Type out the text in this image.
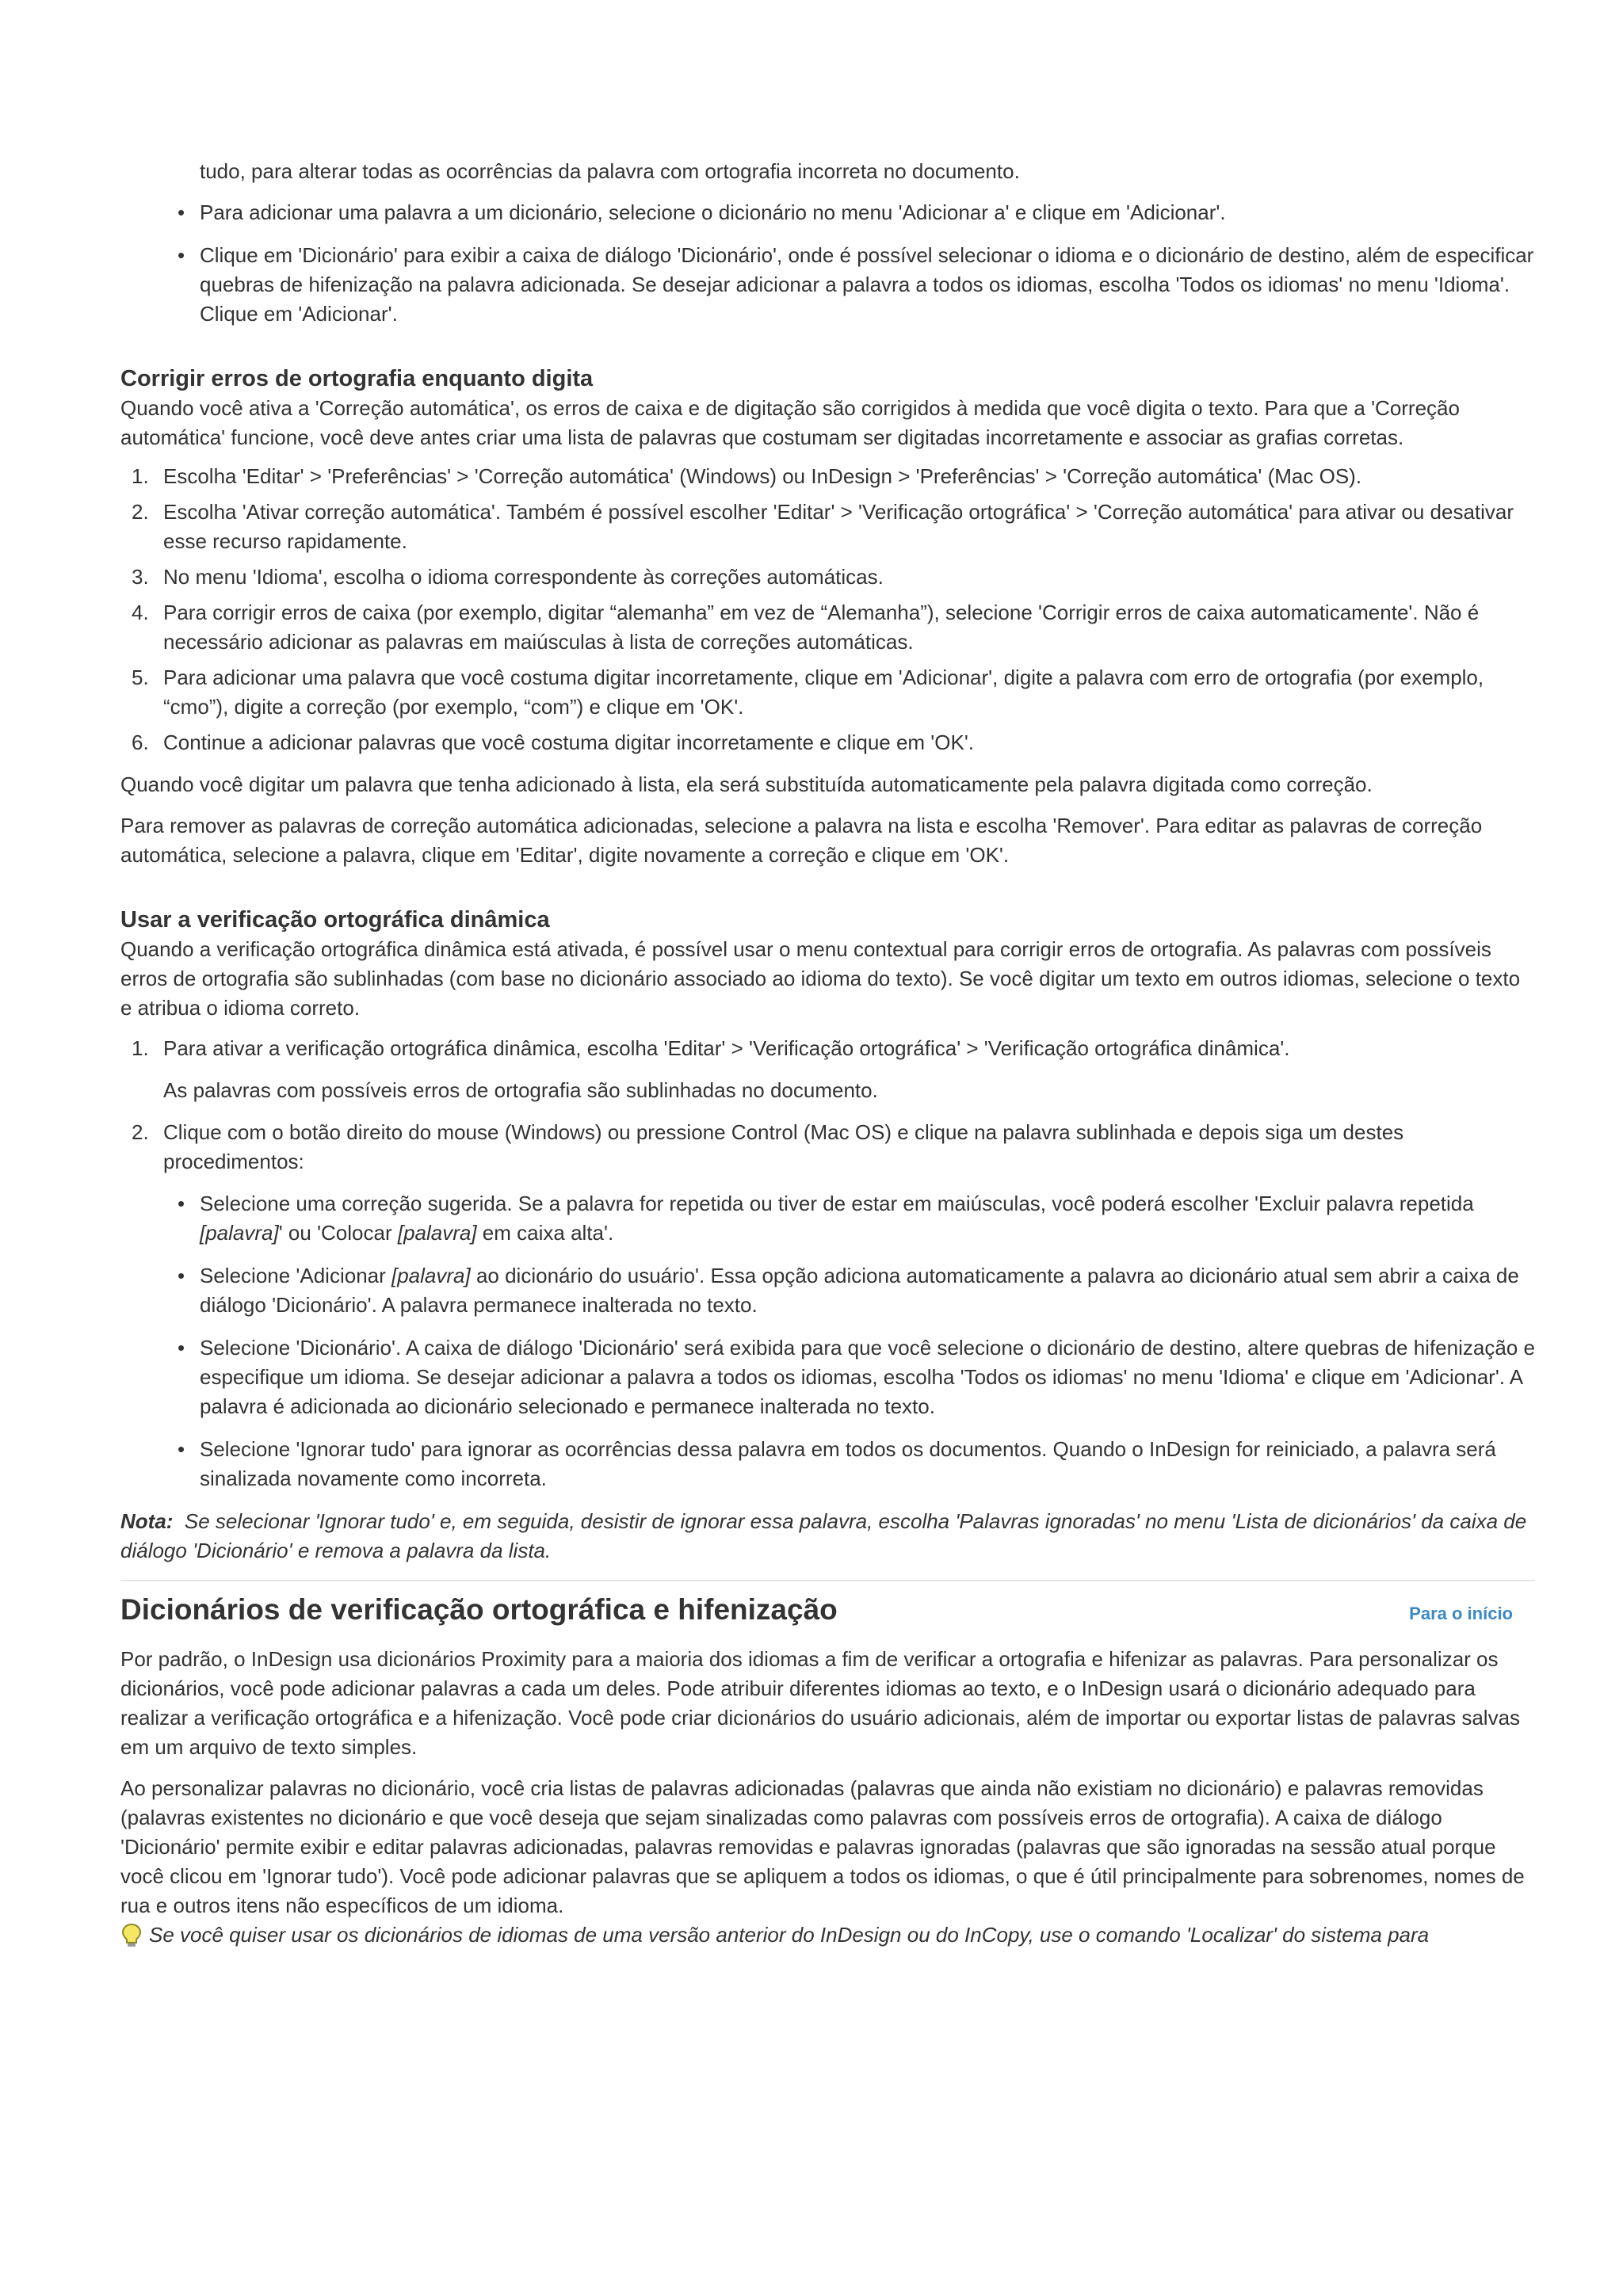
tudo, para alterar todas as ocorrências da palavra com ortografia incorreta no documento.

• Para adicionar uma palavra a um dicionário, selecione o dicionário no menu 'Adicionar a' e clique em 'Adicionar'.
• Clique em 'Dicionário' para exibir a caixa de diálogo 'Dicionário', onde é possível selecionar o idioma e o dicionário de destino, além de especificar quebras de hifenização na palavra adicionada. Se desejar adicionar a palavra a todos os idiomas, escolha 'Todos os idiomas' no menu 'Idioma'. Clique em 'Adicionar'.
Corrigir erros de ortografia enquanto digita

Quando você ativa a 'Correção automática', os erros de caixa e de digitação são corrigidos à medida que você digita o texto. Para que a 'Correção automática' funcione, você deve antes criar uma lista de palavras que costumam ser digitadas incorretamente e associar as grafias corretas.

1. Escolha 'Editar' > 'Preferências' > 'Correção automática' (Windows) ou InDesign > 'Preferências' > 'Correção automática' (Mac OS).
2. Escolha 'Ativar correção automática'. Também é possível escolher 'Editar' > 'Verificação ortográfica' > 'Correção automática' para ativar ou desativar esse recurso rapidamente.
3. No menu 'Idioma', escolha o idioma correspondente às correções automáticas.
4. Para corrigir erros de caixa (por exemplo, digitar “alemanha” em vez de “Alemanha”), selecione 'Corrigir erros de caixa automaticamente'. Não é necessário adicionar as palavras em maiúsculas à lista de correções automáticas.
5. Para adicionar uma palavra que você costuma digitar incorretamente, clique em 'Adicionar', digite a palavra com erro de ortografia (por exemplo, “cmo”), digite a correção (por exemplo, “com”) e clique em 'OK'.
6. Continue a adicionar palavras que você costuma digitar incorretamente e clique em 'OK'.

Quando você digitar um palavra que tenha adicionado à lista, ela será substituída automaticamente pela palavra digitada como correção.

Para remover as palavras de correção automática adicionadas, selecione a palavra na lista e escolha 'Remover'. Para editar as palavras de correção automática, selecione a palavra, clique em 'Editar', digite novamente a correção e clique em 'OK'.

Usar a verificação ortográfica dinâmica

Quando a verificação ortográfica dinâmica está ativada, é possível usar o menu contextual para corrigir erros de ortografia. As palavras com possíveis erros de ortografia são sublinhadas (com base no dicionário associado ao idioma do texto). Se você digitar um texto em outros idiomas, selecione o texto e atribua o idioma correto.

1. Para ativar a verificação ortográfica dinâmica, escolha 'Editar' > 'Verificação ortográfica' > 'Verificação ortográfica dinâmica'.

As palavras com possíveis erros de ortografia são sublinhadas no documento.

2. Clique com o botão direito do mouse (Windows) ou pressione Control (Mac OS) e clique na palavra sublinhada e depois siga um destes procedimentos:
• Selecione uma correção sugerida. Se a palavra for repetida ou tiver de estar em maiúsculas, você poderá escolher 'Excluir palavra repetida [palavra]' ou 'Colocar [palavra] em caixa alta'.
• Selecione 'Adicionar [palavra] ao dicionário do usuário'. Essa opção adiciona automaticamente a palavra ao dicionário atual sem abrir a caixa de diálogo 'Dicionário'. A palavra permanece inalterada no texto.
• Selecione 'Dicionário'. A caixa de diálogo 'Dicionário' será exibida para que você selecione o dicionário de destino, altere quebras de hifenização e especifique um idioma. Se desejar adicionar a palavra a todos os idiomas, escolha 'Todos os idiomas' no menu 'Idioma' e clique em 'Adicionar'. A palavra é adicionada ao dicionário selecionado e permanece inalterada no texto.
• Selecione 'Ignorar tudo' para ignorar as ocorrências dessa palavra em todos os documentos. Quando o InDesign for reiniciado, a palavra será sinalizada novamente como incorreta.

Nota: Se selecionar 'Ignorar tudo' e, em seguida, desistir de ignorar essa palavra, escolha 'Palavras ignoradas' no menu 'Lista de dicionários' da caixa de diálogo 'Dicionário' e remova a palavra da lista.

Dicionários de verificação ortográfica e hifenização	Para o início

Por padrão, o InDesign usa dicionários Proximity para a maioria dos idiomas a fim de verificar a ortografia e hifenizar as palavras. Para personalizar os dicionários, você pode adicionar palavras a cada um deles. Pode atribuir diferentes idiomas ao texto, e o InDesign usará o dicionário adequado para realizar a verificação ortográfica e a hifenização. Você pode criar dicionários do usuário adicionais, além de importar ou exportar listas de palavras salvas em um arquivo de texto simples.

Ao personalizar palavras no dicionário, você cria listas de palavras adicionadas (palavras que ainda não existiam no dicionário) e palavras removidas (palavras existentes no dicionário e que você deseja que sejam sinalizadas como palavras com possíveis erros de ortografia). A caixa de diálogo 'Dicionário' permite exibir e editar palavras adicionadas, palavras removidas e palavras ignoradas (palavras que são ignoradas na sessão atual porque você clicou em 'Ignorar tudo'). Você pode adicionar palavras que se apliquem a todos os idiomas, o que é útil principalmente para sobrenomes, nomes de rua e outros itens não específicos de um idioma.

Se você quiser usar os dicionários de idiomas de uma versão anterior do InDesign ou do InCopy, use o comando 'Localizar' do sistema para
